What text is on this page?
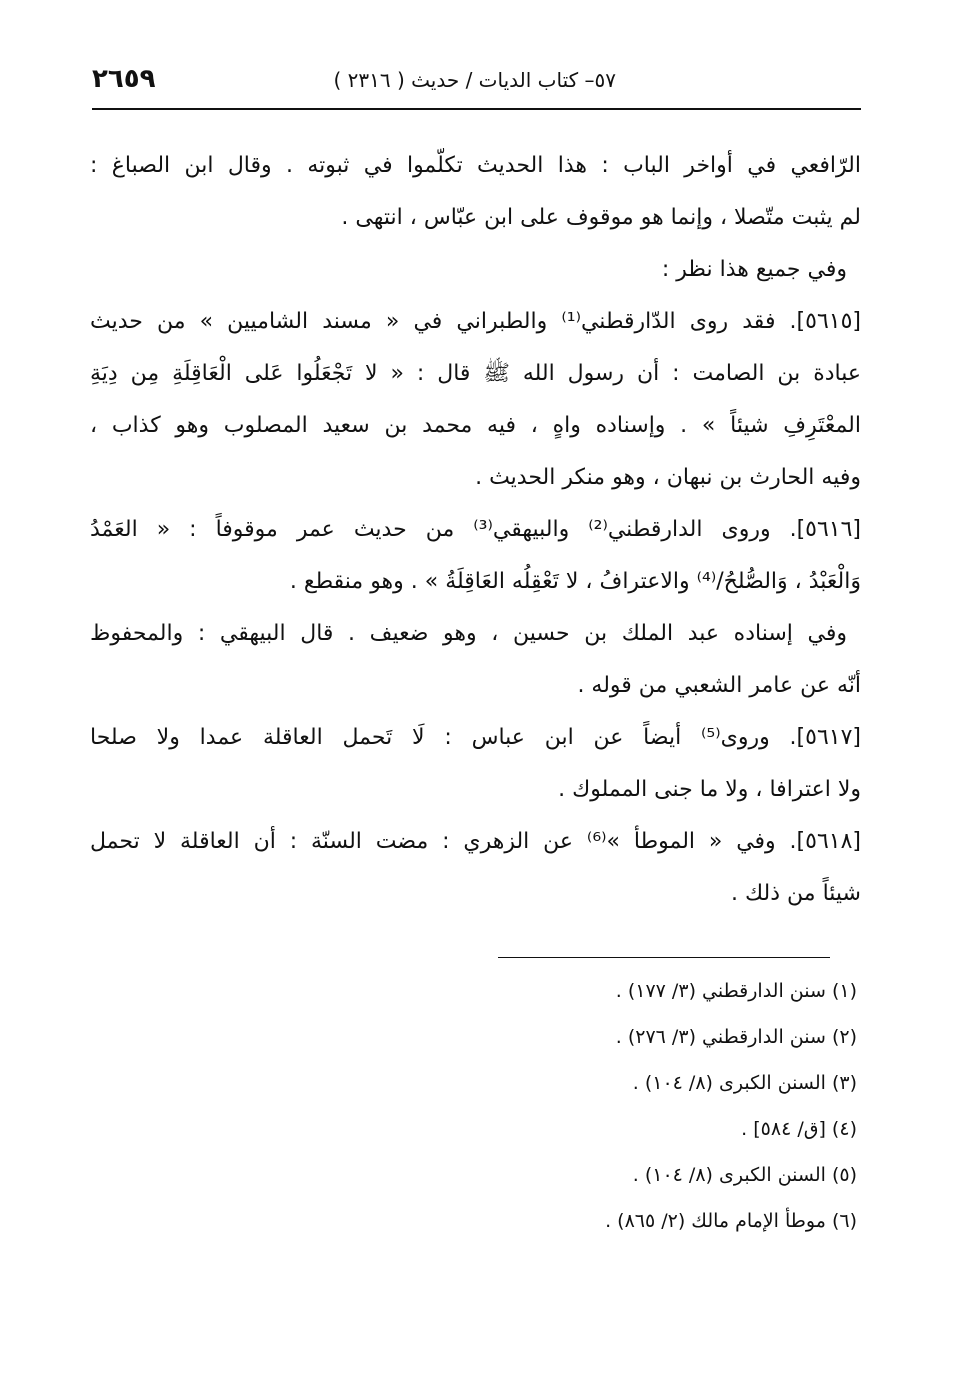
٢٦٥٩	٥٧– كتاب الديات / حديث ( ٢٣١٦ )
الرّافعي في أواخر الباب : هذا الحديث تكلّموا في ثبوته . وقال ابن الصباغ :
لم يثبت متّصلا ، وإنما هو موقوف على ابن عبّاس ، انتهى .
وفي جميع هذا نظر :
[٥٦١٥]. فقد روى الدّارقطني⁽¹⁾ والطبراني في « مسند الشاميين » من حديث
عبادة بن الصامت : أن رسول الله ﷺ قال : « لا تَجْعَلُوا عَلى الْعَاقِلَةِ مِن دِيَةِ
المعْتَرِفِ شيئاً » . وإسناده واهٍ ، فيه محمد بن سعيد المصلوب وهو كذاب ،
وفيه الحارث بن نبهان ، وهو منكر الحديث .
[٥٦١٦]. وروى الدارقطني⁽²⁾ والبيهقي⁽³⁾ من حديث عمر موقوفاً : « العَمْدُ
وَالْعَبْدُ ، وَالصُّلحُ/⁽⁴⁾ والاعترافُ ، لا تَعْقِلُه العَاقِلَةُ » . وهو منقطع .
وفي إسناده عبد الملك بن حسين ، وهو ضعيف . قال البيهقي : والمحفوظ
أنّه عن عامر الشعبي من قوله .
[٥٦١٧]. وروى⁽⁵⁾ أيضاً عن ابن عباس : لَا تَحمل العاقلة عمدا ولا صلحا
ولا اعترافا ، ولا ما جنى المملوك .
[٥٦١٨]. وفي « الموطأ »⁽⁶⁾ عن الزهري : مضت السنّة : أن العاقلة لا تحمل
شيئاً من ذلك .
(١) سنن الدارقطني (٣/ ١٧٧) .
(٢) سنن الدارقطني (٣/ ٢٧٦) .
(٣) السنن الكبرى (٨/ ١٠٤) .
(٤) [ق/ ٥٨٤] .
(٥) السنن الكبرى (٨/ ١٠٤) .
(٦) موطأ الإمام مالك (٢/ ٨٦٥) .
